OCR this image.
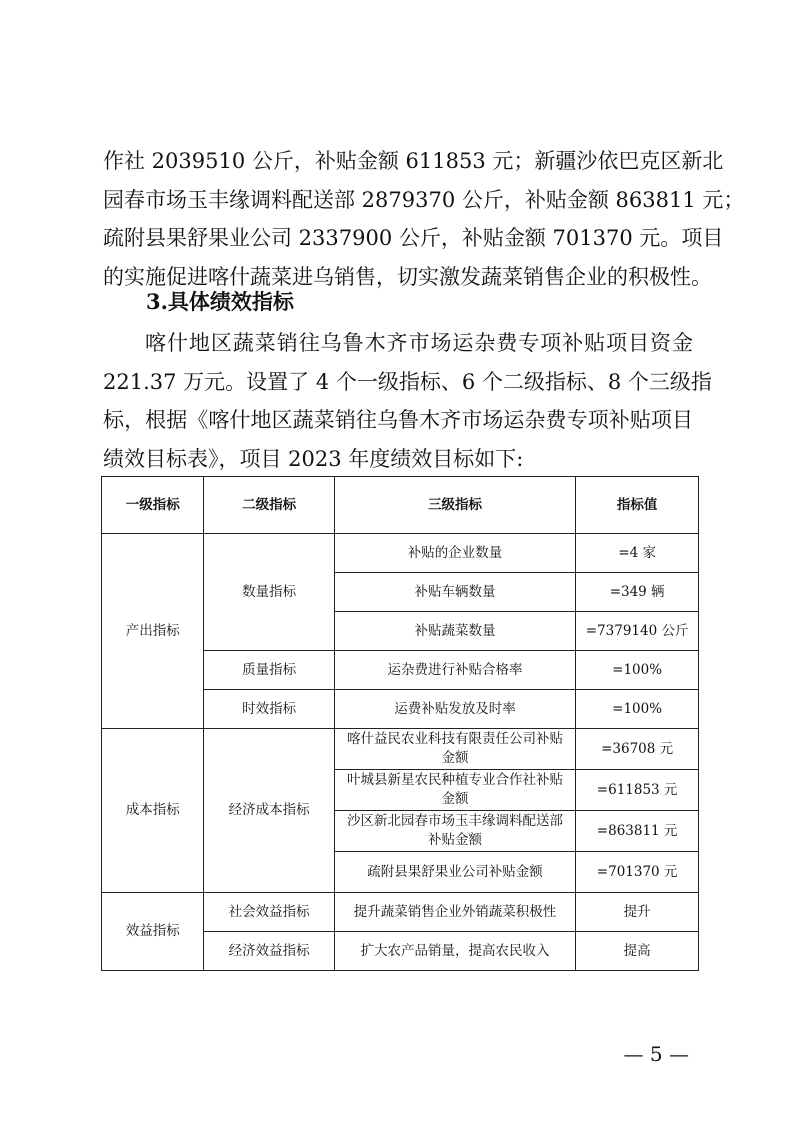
作社 2039510 公斤，补贴金额 611853 元；新疆沙依巴克区新北
园春市场玉丰缘调料配送部 2879370 公斤，补贴金额 863811 元；
疏附县果舒果业公司 2337900 公斤，补贴金额 701370 元。项目
的实施促进喀什蔬菜进乌销售，切实激发蔬菜销售企业的积极性。
3.具体绩效指标
喀什地区蔬菜销往乌鲁木齐市场运杂费专项补贴项目资金
221.37 万元。设置了 4 个一级指标、6 个二级指标、8 个三级指
标，根据《喀什地区蔬菜销往乌鲁木齐市场运杂费专项补贴项目
绩效目标表》，项目 2023 年度绩效目标如下:
一级指标	二级指标	三级指标	指标值
产出指标	数量指标	补贴的企业数量	=4 家
		补贴车辆数量	=349 辆
		补贴蔬菜数量	=7379140 公斤
	质量指标	运杂费进行补贴合格率	=100%
	时效指标	运费补贴发放及时率	=100%
成本指标	经济成本指标	喀什益民农业科技有限责任公司补贴金额	=36708 元
		叶城县新星农民种植专业合作社补贴金额	=611853 元
		沙区新北园春市场玉丰缘调料配送部补贴金额	=863811 元
		疏附县果舒果业公司补贴金额	=701370 元
效益指标	社会效益指标	提升蔬菜销售企业外销蔬菜积极性	提升
	经济效益指标	扩大农产品销量，提高农民收入	提高
— 5 —
